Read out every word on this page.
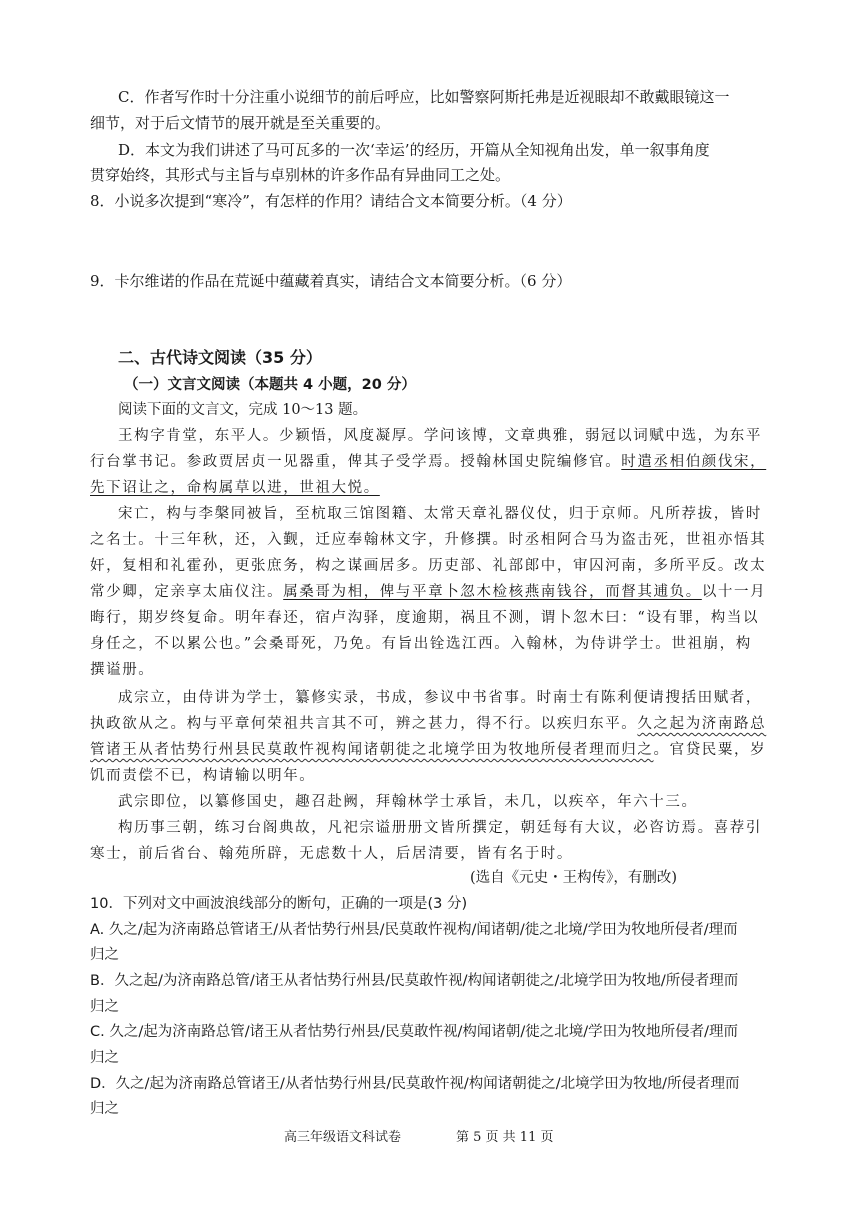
C．作者写作时十分注重小说细节的前后呼应，比如警察阿斯托弗是近视眼却不敢戴眼镜这一
细节，对于后文情节的展开就是至关重要的。
D．本文为我们讲述了马可瓦多的一次‘幸运’的经历，开篇从全知视角出发，单一叙事角度
贯穿始终，其形式与主旨与卓别林的许多作品有异曲同工之处。
8．小说多次提到“寒冷”，有怎样的作用？请结合文本简要分析。（4 分）
9．卡尔维诺的作品在荒诞中蕴藏着真实，请结合文本简要分析。（6 分）
二、古代诗文阅读（35 分）
（一）文言文阅读（本题共 4 小题，20 分）
阅读下面的文言文，完成 10～13 题。
王构字肯堂，东平人。少颖悟，风度凝厚。学问该博，文章典雅，弱冠以词赋中选，为东平
行台掌书记。参政贾居贞一见器重，俾其子受学焉。授翰林国史院编修官。时遣丞相伯颜伐宋，
先下诏让之，命构属草以进，世祖大悦。
宋亡，构与李槃同被旨，至杭取三馆图籍、太常天章礼器仪仗，归于京师。凡所荐拔，皆时
之名士。十三年秋，还，入觐，迁应奉翰林文字，升修撰。时丞相阿合马为盗击死，世祖亦悟其
奸，复相和礼霍孙，更张庶务，构之谋画居多。历吏部、礼部郎中，审囚河南，多所平反。改太
常少卿，定亲享太庙仪注。属桑哥为相，俾与平章卜忽木检核燕南钱谷，而督其逋负。以十一月
晦行，期岁终复命。明年春还，宿卢沟驿，度逾期，祸且不测，谓卜忽木曰：“设有罪，构当以
身任之，不以累公也。”会桑哥死，乃免。有旨出铨选江西。入翰林，为侍讲学士。世祖崩，构
撰谥册。
成宗立，由侍讲为学士，纂修实录，书成，参议中书省事。时南士有陈利便请搜括田赋者，
执政欲从之。构与平章何荣祖共言其不可，辨之甚力，得不行。以疾归东平。久之起为济南路总
管诸王从者怙势行州县民莫敢忤视构闻诸朝徙之北境学田为牧地所侵者理而归之。官贷民粟，岁
饥而责偿不已，构请输以明年。
武宗即位，以纂修国史，趣召赴阙，拜翰林学士承旨，未几，以疾卒，年六十三。
构历事三朝，练习台阁典故，凡祀宗谥册册文皆所撰定，朝廷每有大议，必咨访焉。喜荐引
寒士，前后省台、翰苑所辟，无虑数十人，后居清要，皆有名于时。
(选自《元史・王构传》，有删改)
10．下列对文中画波浪线部分的断句，正确的一项是(3 分)
A. 久之/起为济南路总管诸王/从者怙势行州县/民莫敢忤视构/闻诸朝/徙之北境/学田为牧地所侵者/理而
归之
B．久之起/为济南路总管/诸王从者怙势行州县/民莫敢忤视/构闻诸朝徙之/北境学田为牧地/所侵者理而
归之
C. 久之/起为济南路总管/诸王从者怙势行州县/民莫敢忤视/构闻诸朝/徙之北境/学田为牧地所侵者/理而
归之
D．久之/起为济南路总管诸王/从者怙势行州县/民莫敢忤视/构闻诸朝徙之/北境学田为牧地/所侵者理而
归之
高三年级语文科试卷	第 5 页 共 11 页
